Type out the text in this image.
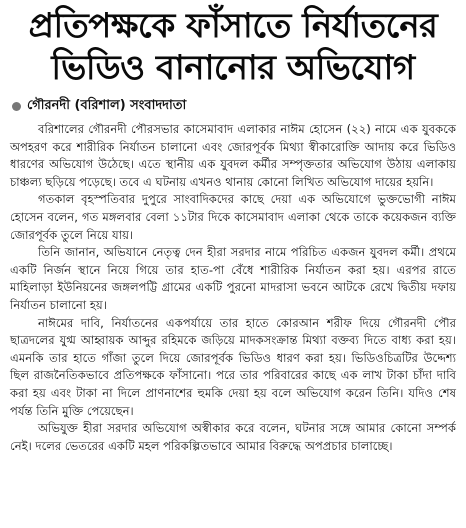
প্রতিপক্ষকে ফাঁসাতে নির্যাতনের
ভিডিও বানানোর অভিযোগ
গৌরনদী (বরিশাল) সংবাদদাতা

বরিশালের গৌরনদী পৌরসভার কাসেমাবাদ এলাকার নাঈম হোসেন (২২) নামে এক যুবককে অপহরণ করে শারীরিক নির্যাতন চালানো এবং জোরপূর্বক মিথ্যা স্বীকারোক্তি আদায় করে ভিডিও ধারণের অভিযোগ উঠেছে। এতে স্থানীয় এক যুবদল কর্মীর সম্পৃক্ততার অভিযোগ উঠায় এলাকায় চাঞ্চল্য ছড়িয়ে পড়েছে। তবে এ ঘটনায় এখনও থানায় কোনো লিখিত অভিযোগ দায়ের হয়নি।

গতকাল বৃহস্পতিবার দুপুরে সাংবাদিকদের কাছে দেয়া এক অভিযোগে ভুক্তভোগী নাঈম হোসেন বলেন, গত মঙ্গলবার বেলা ১১টার দিকে কাসেমাবাদ এলাকা থেকে তাকে কয়েকজন ব্যক্তি জোরপূর্বক তুলে নিয়ে যায়।

তিনি জানান, অভিযানে নেতৃত্ব দেন হীরা সরদার নামে পরিচিত একজন যুবদল কর্মী। প্রথমে একটি নির্জন স্থানে নিয়ে গিয়ে তার হাত-পা বেঁধে শারীরিক নির্যাতন করা হয়। এরপর রাতে মাহিলাড়া ইউনিয়নের জঙ্গলপট্টি গ্রামের একটি পুরনো মাদরাসা ভবনে আটকে রেখে দ্বিতীয় দফায় নির্যাতন চালানো হয়।

নাঈমের দাবি, নির্যাতনের একপর্যায়ে তার হাতে কোরআন শরীফ দিয়ে গৌরনদী পৌর ছাত্রদলের যুগ্ম আহ্বায়ক আব্দুর রহিমকে জড়িয়ে মাদকসংক্রান্ত মিথ্যা বক্তব্য দিতে বাধ্য করা হয়। এমনকি তার হাতে গাঁজা তুলে দিয়ে জোরপূর্বক ভিডিও ধারণ করা হয়। ভিডিওচিত্রটির উদ্দেশ্য ছিল রাজনৈতিকভাবে প্রতিপক্ষকে ফাঁসানো। পরে তার পরিবারের কাছে এক লাখ টাকা চাঁদা দাবি করা হয় এবং টাকা না দিলে প্রাণনাশের হুমকি দেয়া হয় বলে অভিযোগ করেন তিনি। যদিও শেষ পর্যন্ত তিনি মুক্তি পেয়েছেন।

অভিযুক্ত হীরা সরদার অভিযোগ অস্বীকার করে বলেন, ঘটনার সঙ্গে আমার কোনো সম্পর্ক নেই। দলের ভেতরের একটি মহল পরিকল্পিতভাবে আমার বিরুদ্ধে অপপ্রচার চালাচ্ছে।
